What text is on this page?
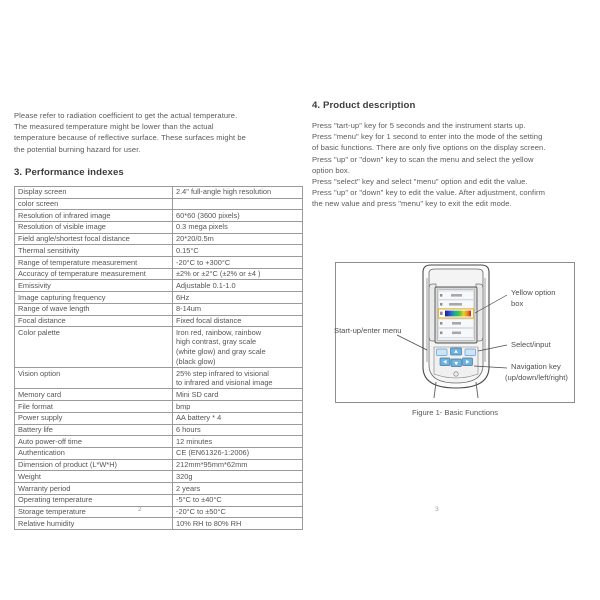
Please refer to radiation coefficient to get the actual temperature.
The measured temperature might be lower than the actual
temperature because of reflective surface. These surfaces might be
the potential burning hazard for user.
3. Performance indexes
Display screen	2.4" full-angle high resolution
color screen	
Resolution of infrared image	60*60 (3600 pixels)
Resolution of visible image	0.3 mega pixels
Field angle/shortest focal distance	20*20/0.5m
Thermal sensitivity	0.15°C
Range of temperature measurement	-20°C to +300°C
Accuracy of temperature measurement	±2% or ±2°C (±2% or ±4 )
Emissivity	Adjustable 0.1-1.0
Image capturing frequency	6Hz
Range of wave length	8-14um
Focal distance	Fixed focal distance
Color palette	Iron red, rainbow, rainbow
high contrast, gray scale
(white glow) and gray scale
(black glow)

Vision option	25% step infrared to visional
to infrared and visional image

Memory card	Mini SD card
File format	bmp
Power supply	AA battery * 4
Battery life	6 hours
Auto power-off time	12 minutes
Authentication	CE (EN61326-1:2006)
Dimension of product (L*W*H)	212mm*95mm*62mm
Weight	320g
Warranty period	2 years
Operating temperature	-5°C to ±40°C
Storage temperature	-20°C to ±50°C
Relative humidity	10% RH to 80% RH
4. Product description
Press "tart-up" key for 5 seconds and the instrument starts up.
Press "menu" key for 1 second to enter into the mode of the setting
of basic functions. There are only five options on the display screen.
Press "up" or "down" key to scan the menu and select the yellow
option box.
Press "select" key and select "menu" option and edit the value.
Press "up" or "down" key to edit the value. After adjustment, confirm
the new value and press "menu" key to exit the edit mode.
Start-up/enter menu
Yellow option
box
Select/input
Navigation key
(up/down/left/right)
Figure 1- Basic Functions
2	3
